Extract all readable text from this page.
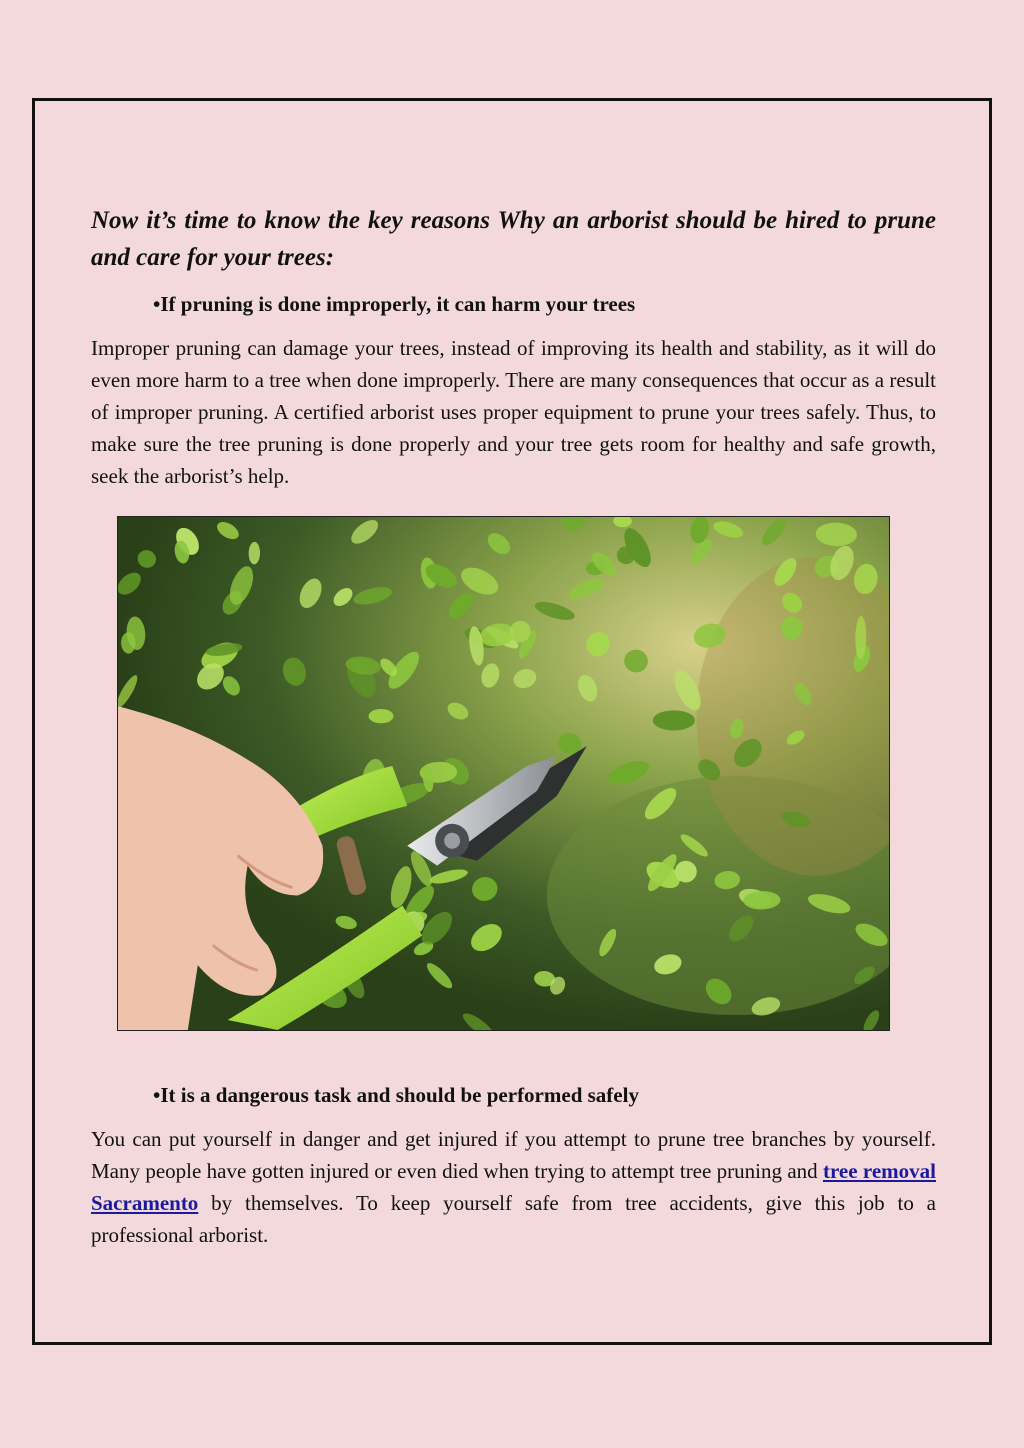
Now it’s time to know the key reasons Why an arborist should be hired to prune and care for your trees:

•If pruning is done improperly, it can harm your trees

Improper pruning can damage your trees, instead of improving its health and stability, as it will do even more harm to a tree when done improperly. There are many consequences that occur as a result of improper pruning. A certified arborist uses proper equipment to prune your trees safely. Thus, to make sure the tree pruning is done properly and your tree gets room for healthy and safe growth, seek the arborist’s help.

•It is a dangerous task and should be performed safely

You can put yourself in danger and get injured if you attempt to prune tree branches by yourself. Many people have gotten injured or even died when trying to attempt tree pruning and tree removal Sacramento by themselves. To keep yourself safe from tree accidents, give this job to a professional arborist.
